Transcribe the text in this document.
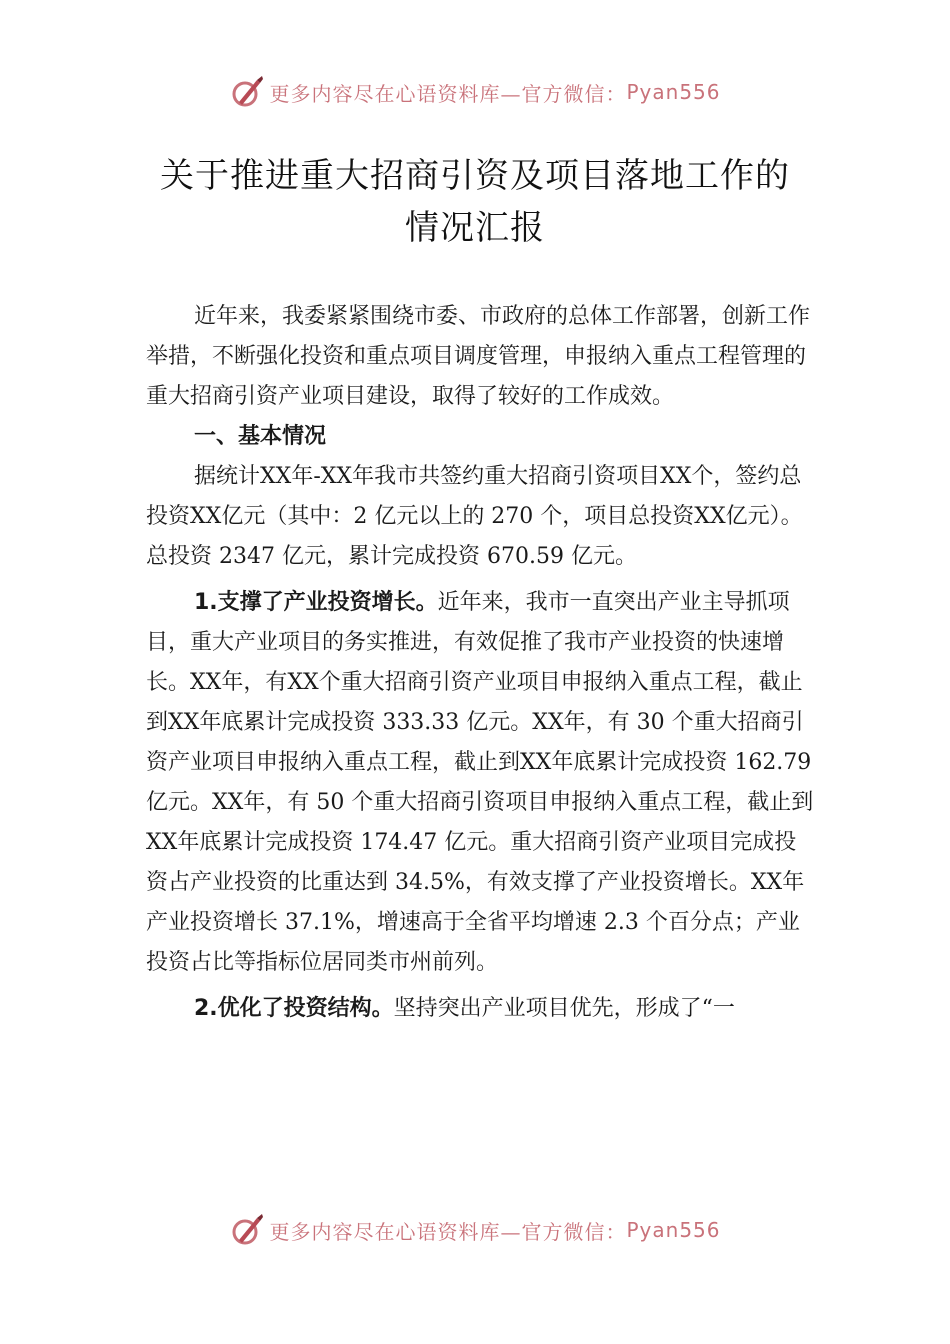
更多内容尽在心语资料库—官方微信： Pyan556
关于推进重大招商引资及项目落地工作的
情况汇报

近年来，我委紧紧围绕市委、市政府的总体工作部署，创新工作举措，不断强化投资和重点项目调度管理，申报纳入重点工程管理的重大招商引资产业项目建设，取得了较好的工作成效。

一、基本情况

据统计XX年-XX年我市共签约重大招商引资项目XX个，签约总投资XX亿元（其中：2 亿元以上的 270 个，项目总投资XX亿元）。总投资 2347 亿元，累计完成投资 670.59 亿元。

1.支撑了产业投资增长。近年来，我市一直突出产业主导抓项目，重大产业项目的务实推进，有效促推了我市产业投资的快速增长。XX年，有XX个重大招商引资产业项目申报纳入重点工程，截止到XX年底累计完成投资 333.33 亿元。XX年，有 30 个重大招商引资产业项目申报纳入重点工程，截止到XX年底累计完成投资 162.79 亿元。XX年，有 50 个重大招商引资项目申报纳入重点工程，截止到XX年底累计完成投资 174.47 亿元。重大招商引资产业项目完成投资占产业投资的比重达到 34.5%，有效支撑了产业投资增长。XX年产业投资增长 37.1%，增速高于全省平均增速 2.3 个百分点；产业投资占比等指标位居同类市州前列。

2.优化了投资结构。坚持突出产业项目优先，形成了“一

更多内容尽在心语资料库—官方微信： Pyan556
